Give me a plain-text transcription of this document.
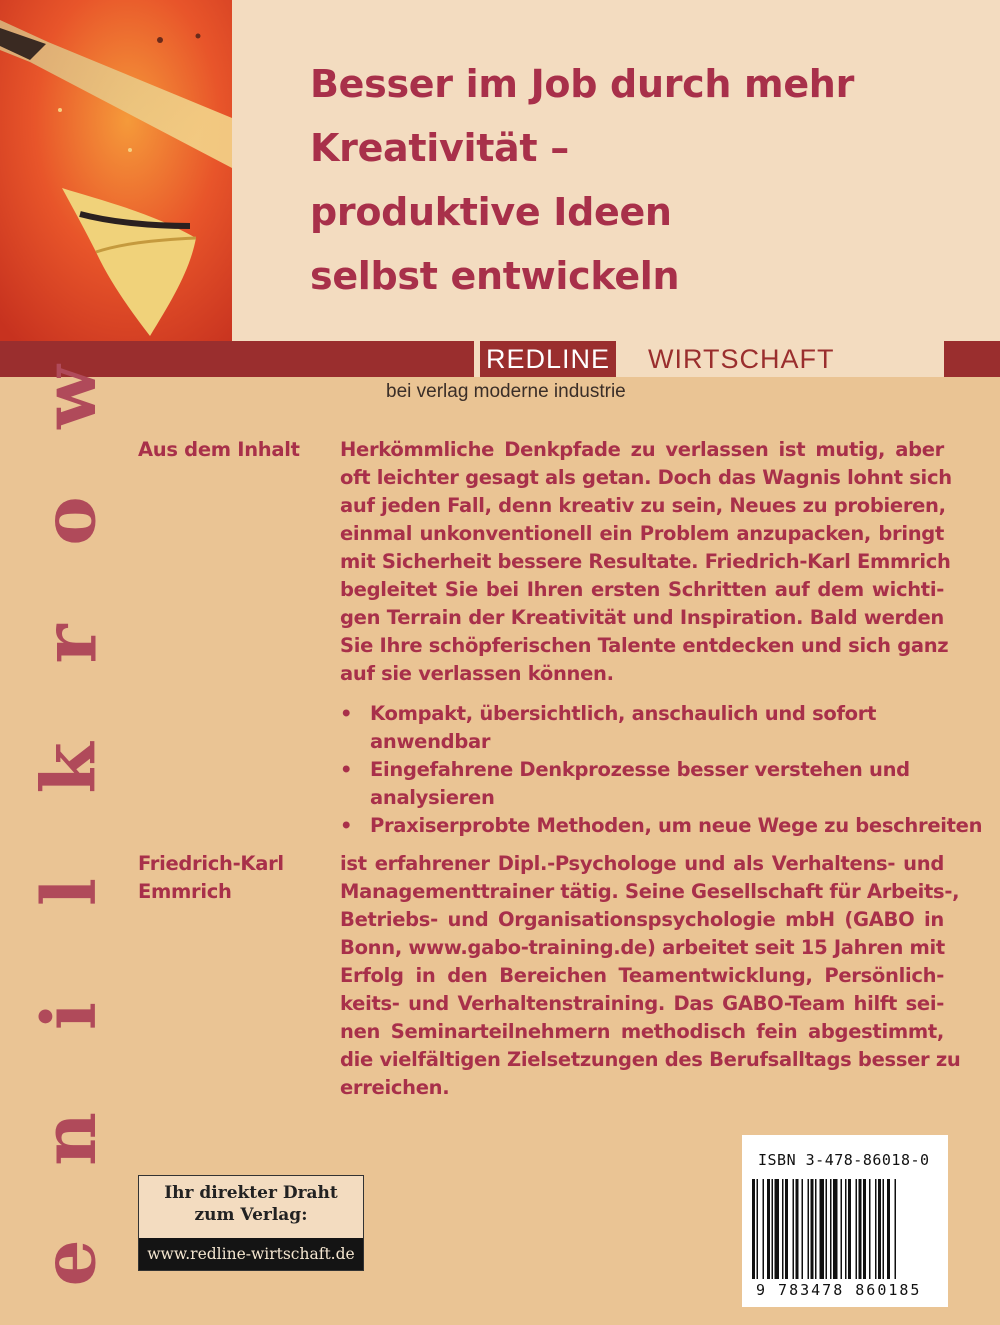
Besser im Job durch mehr
Kreativität –
produktive Ideen
selbst entwickeln
REDLINE WIRTSCHAFT
bei verlag moderne industrie
w
o
r
k
l
i
n
e
Aus dem Inhalt Herkömmliche Denkpfade zu verlassen ist mutig, aber
oft leichter gesagt als getan. Doch das Wagnis lohnt sich
auf jeden Fall, denn kreativ zu sein, Neues zu probieren,
einmal unkonventionell ein Problem anzupacken, bringt
mit Sicherheit bessere Resultate. Friedrich-Karl Emmrich
begleitet Sie bei Ihren ersten Schritten auf dem wichti-
gen Terrain der Kreativität und Inspiration. Bald werden
Sie Ihre schöpferischen Talente entdecken und sich ganz
auf sie verlassen können.

• Kompakt, übersichtlich, anschaulich und sofort
anwendbar
• Eingefahrene Denkprozesse besser verstehen und
analysieren
• Praxiserprobte Methoden, um neue Wege zu beschreiten
Friedrich-Karl
Emmrich

ist erfahrener Dipl.-Psychologe und als Verhaltens- und
Managementtrainer tätig. Seine Gesellschaft für Arbeits-,
Betriebs- und Organisationspsychologie mbH (GABO in
Bonn, www.gabo-training.de) arbeitet seit 15 Jahren mit
Erfolg in den Bereichen Teamentwicklung, Persönlich-
keits- und Verhaltenstraining. Das GABO-Team hilft sei-
nen Seminarteilnehmern methodisch fein abgestimmt,
die vielfältigen Zielsetzungen des Berufsalltags besser zu
erreichen.

Ihr direkter Draht
zum Verlag:
www.redline-wirtschaft.de
ISBN 3-478-86018-0
9 783478 860185
